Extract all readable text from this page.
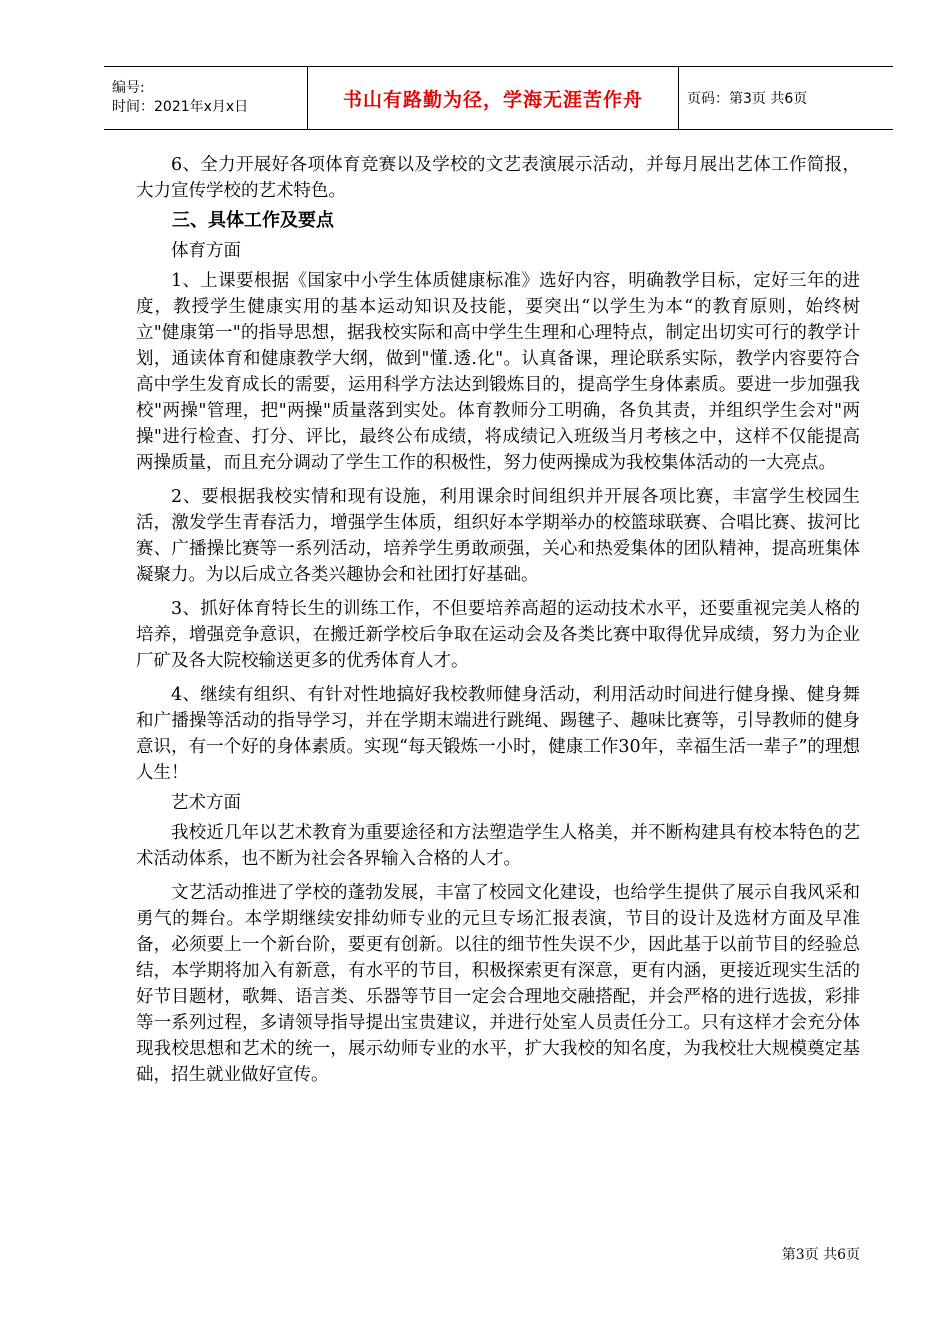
编号:
时间：2021年x月x日	书山有路勤为径，学海无涯苦作舟	页码：第3页 共6页

6、全力开展好各项体育竞赛以及学校的文艺表演展示活动，并每月展出艺体工作简报，大力宣传学校的艺术特色。

三、具体工作及要点
体育方面

1、上课要根据《国家中小学生体质健康标准》选好内容，明确教学目标，定好三年的进度，教授学生健康实用的基本运动知识及技能，要突出“以学生为本“的教育原则，始终树立"健康第一"的指导思想，据我校实际和高中学生生理和心理特点，制定出切实可行的教学计划，通读体育和健康教学大纲，做到"懂.透.化"。认真备课，理论联系实际，教学内容要符合高中学生发育成长的需要，运用科学方法达到锻炼目的，提高学生身体素质。要进一步加强我校"两操"管理，把"两操"质量落到实处。体育教师分工明确，各负其责，并组织学生会对"两操"进行检查、打分、评比，最终公布成绩，将成绩记入班级当月考核之中，这样不仅能提高两操质量，而且充分调动了学生工作的积极性，努力使两操成为我校集体活动的一大亮点。

2、要根据我校实情和现有设施，利用课余时间组织并开展各项比赛，丰富学生校园生活，激发学生青春活力，增强学生体质，组织好本学期举办的校篮球联赛、合唱比赛、拔河比赛、广播操比赛等一系列活动，培养学生勇敢顽强，关心和热爱集体的团队精神，提高班集体凝聚力。为以后成立各类兴趣协会和社团打好基础。

3、抓好体育特长生的训练工作，不但要培养高超的运动技术水平，还要重视完美人格的培养，增强竞争意识，在搬迁新学校后争取在运动会及各类比赛中取得优异成绩，努力为企业厂矿及各大院校输送更多的优秀体育人才。

4、继续有组织、有针对性地搞好我校教师健身活动，利用活动时间进行健身操、健身舞和广播操等活动的指导学习，并在学期末端进行跳绳、踢毽子、趣味比赛等，引导教师的健身意识，有一个好的身体素质。实现“每天锻炼一小时，健康工作30年，幸福生活一辈子”的理想人生！

艺术方面

我校近几年以艺术教育为重要途径和方法塑造学生人格美，并不断构建具有校本特色的艺术活动体系，也不断为社会各界输入合格的人才。

文艺活动推进了学校的蓬勃发展，丰富了校园文化建设，也给学生提供了展示自我风采和勇气的舞台。本学期继续安排幼师专业的元旦专场汇报表演，节目的设计及选材方面及早准备，必须要上一个新台阶，要更有创新。以往的细节性失误不少，因此基于以前节目的经验总结，本学期将加入有新意，有水平的节目，积极探索更有深意，更有内涵，更接近现实生活的好节目题材，歌舞、语言类、乐器等节目一定会合理地交融搭配，并会严格的进行选拔，彩排等一系列过程，多请领导指导提出宝贵建议，并进行处室人员责任分工。只有这样才会充分体现我校思想和艺术的统一，展示幼师专业的水平，扩大我校的知名度，为我校壮大规模奠定基础，招生就业做好宣传。

第3页 共6页
